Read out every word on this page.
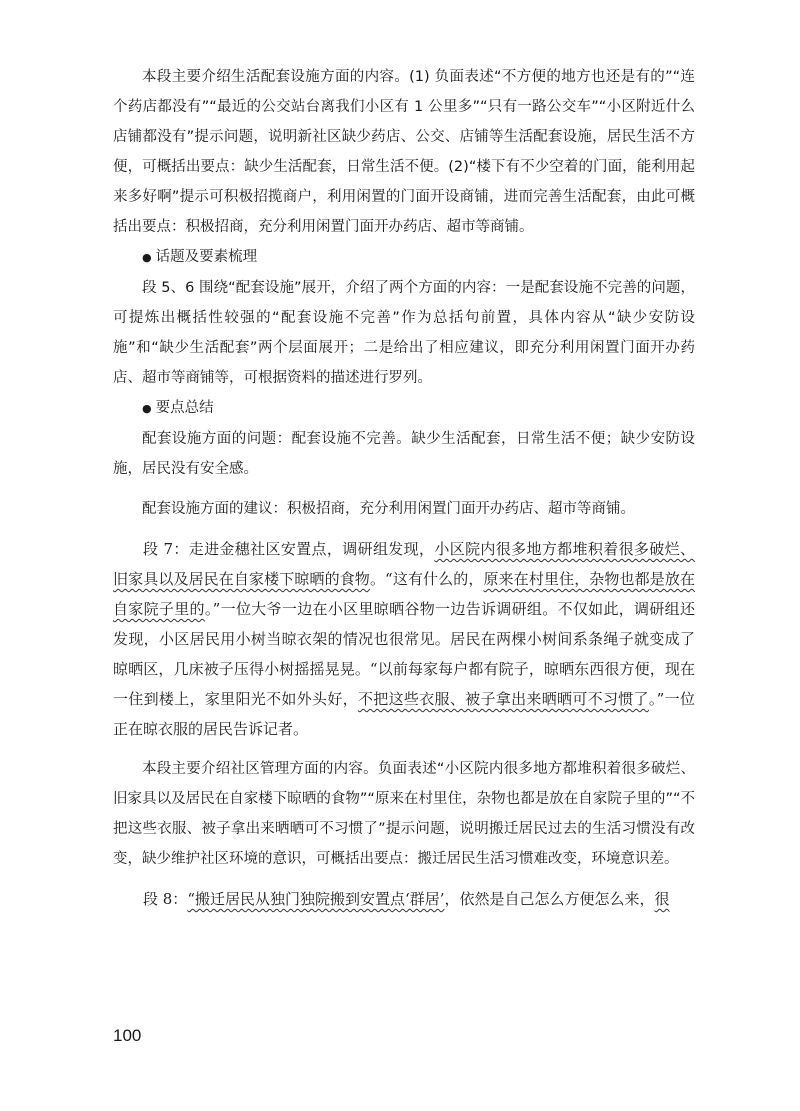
本段主要介绍生活配套设施方面的内容。(1) 负面表述“不方便的地方也还是有的”“连个药店都没有”“最近的公交站台离我们小区有 1 公里多”“只有一路公交车”“小区附近什么店铺都没有”提示问题，说明新社区缺少药店、公交、店铺等生活配套设施，居民生活不方便，可概括出要点：缺少生活配套，日常生活不便。(2)“楼下有不少空着的门面，能利用起来多好啊”提示可积极招揽商户，利用闲置的门面开设商铺，进而完善生活配套，由此可概括出要点：积极招商，充分利用闲置门面开办药店、超市等商铺。

● 话题及要素梳理

段 5、6 围绕“配套设施”展开，介绍了两个方面的内容：一是配套设施不完善的问题，可提炼出概括性较强的“配套设施不完善”作为总括句前置，具体内容从“缺少安防设施”和“缺少生活配套”两个层面展开；二是给出了相应建议，即充分利用闲置门面开办药店、超市等商铺等，可根据资料的描述进行罗列。

● 要点总结

配套设施方面的问题：配套设施不完善。缺少生活配套，日常生活不便；缺少安防设施，居民没有安全感。

配套设施方面的建议：积极招商，充分利用闲置门面开办药店、超市等商铺。

段 7：走进金穗社区安置点，调研组发现，小区院内很多地方都堆积着很多破烂、旧家具以及居民在自家楼下晾晒的食物。“这有什么的，原来在村里住，杂物也都是放在自家院子里的。”一位大爷一边在小区里晾晒谷物一边告诉调研组。不仅如此，调研组还发现，小区居民用小树当晾衣架的情况也很常见。居民在两棵小树间系条绳子就变成了晾晒区，几床被子压得小树摇摇晃晃。“以前每家每户都有院子，晾晒东西很方便，现在一住到楼上，家里阳光不如外头好，不把这些衣服、被子拿出来晒晒可不习惯了。”一位正在晾衣服的居民告诉记者。

本段主要介绍社区管理方面的内容。负面表述“小区院内很多地方都堆积着很多破烂、旧家具以及居民在自家楼下晾晒的食物”“原来在村里住，杂物也都是放在自家院子里的”“不把这些衣服、被子拿出来晒晒可不习惯了”提示问题，说明搬迁居民过去的生活习惯没有改变，缺少维护社区环境的意识，可概括出要点：搬迁居民生活习惯难改变，环境意识差。

段 8：“搬迁居民从独门独院搬到安置点‘群居’，依然是自己怎么方便怎么来，很

100
